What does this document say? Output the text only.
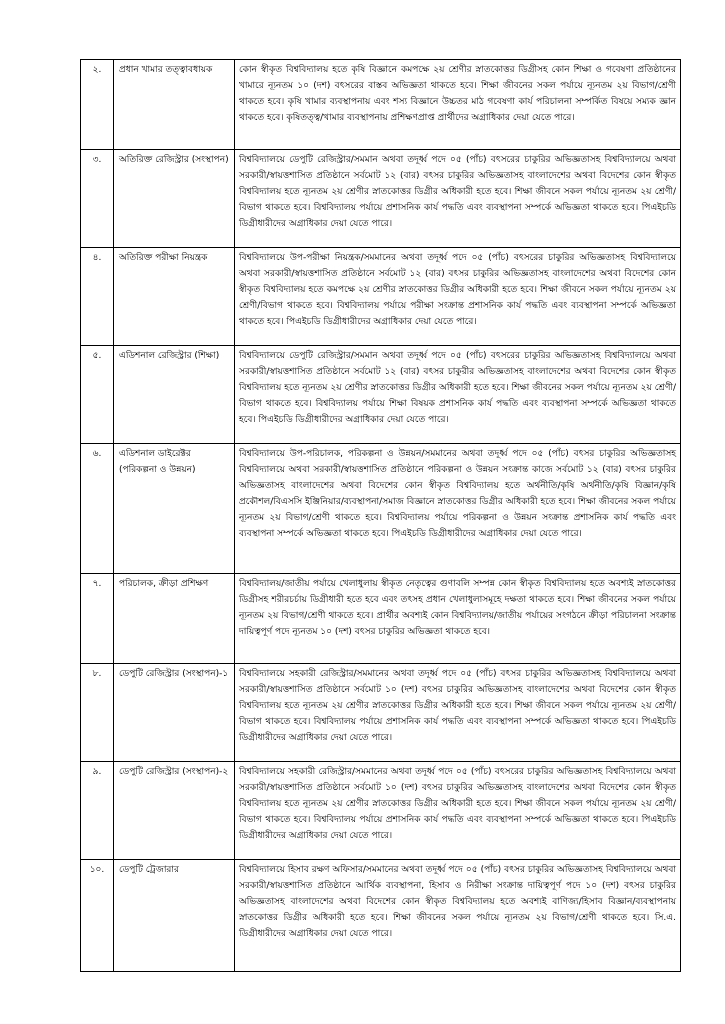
২.	প্রধান খামার তত্ত্বাবধায়ক	কোন স্বীকৃত বিশ্ববিদ্যালয় হতে কৃষি বিজ্ঞানে কমপক্ষে ২য় শ্রেণীর স্নাতকোত্তর ডিগ্রীসহ কোন শিক্ষা ও গবেষণা প্রতিষ্ঠানের খামারে ন্যূনতম ১০ (দশ) বৎসরের বাস্তব অভিজ্ঞতা থাকতে হবে। শিক্ষা জীবনের সকল পর্যায়ে ন্যূনতম ২য় বিভাগ/শ্রেণী থাকতে হবে। কৃষি খামার ব্যবস্থাপনায় এবং শস্য বিজ্ঞানে উচ্চতর মাঠ গবেষণা কার্য পরিচালনা সম্পর্কিত বিষয়ে সম্যক জ্ঞান থাকতে হবে। কৃষিতত্ত্ব/খামার ব্যবস্থাপনায় প্রশিক্ষণপ্রাপ্ত প্রার্থীদের অগ্রাধিকার দেয়া যেতে পারে।
৩.	অতিরিক্ত রেজিস্ট্রার (সংস্থাপন)	বিশ্ববিদ্যালয়ে ডেপুটি রেজিস্ট্রার/সমমান অথবা তদূর্ধ্ব পদে ০৫ (পাঁচ) বৎসরের চাকুরির অভিজ্ঞতাসহ বিশ্ববিদ্যালয়ে অথবা সরকারী/স্বায়ত্তশাসিত প্রতিষ্ঠানে সর্বমোট ১২ (বার) বৎসর চাকুরির অভিজ্ঞতাসহ বাংলাদেশের অথবা বিদেশের কোন স্বীকৃত বিশ্ববিদ্যালয় হতে ন্যূনতম ২য় শ্রেণীর স্নাতকোত্তর ডিগ্রীর অধিকারী হতে হবে। শিক্ষা জীবনে সকল পর্যায়ে ন্যূনতম ২য় শ্রেণী/বিভাগ থাকতে হবে। বিশ্ববিদ্যালয় পর্যায়ে প্রশাসনিক কার্য পদ্ধতি এবং ব্যবস্থাপনা সম্পর্কে অভিজ্ঞতা থাকতে হবে। পিএইচডি ডিগ্রীধারীদের অগ্রাধিকার দেয়া যেতে পারে।
৪.	অতিরিক্ত পরীক্ষা নিয়ন্ত্রক	বিশ্ববিদ্যালয়ে উপ-পরীক্ষা নিয়ন্ত্রক/সমমানের অথবা তদূর্ধ্ব পদে ০৫ (পাঁচ) বৎসরের চাকুরির অভিজ্ঞতাসহ বিশ্ববিদ্যালয়ে অথবা সরকারী/স্বায়ত্তশাসিত প্রতিষ্ঠানে সর্বমোট ১২ (বার) বৎসর চাকুরির অভিজ্ঞতাসহ বাংলাদেশের অথবা বিদেশের কোন স্বীকৃত বিশ্ববিদ্যালয় হতে কমপক্ষে ২য় শ্রেণীর স্নাতকোত্তর ডিগ্রীর অধিকারী হতে হবে। শিক্ষা জীবনে সকল পর্যায়ে ন্যূনতম ২য় শ্রেণী/বিভাগ থাকতে হবে। বিশ্ববিদ্যালয় পর্যায়ে পরীক্ষা সংক্রান্ত প্রশাসনিক কার্য পদ্ধতি এবং ব্যবস্থাপনা সম্পর্কে অভিজ্ঞতা থাকতে হবে। পিএইচডি ডিগ্রীধারীদের অগ্রাধিকার দেয়া যেতে পারে।
৫.	এডিশনাল রেজিস্ট্রার (শিক্ষা)	বিশ্ববিদ্যালয়ে ডেপুটি রেজিস্ট্রার/সমমান অথবা তদূর্ধ্ব পদে ০৫ (পাঁচ) বৎসরের চাকুরির অভিজ্ঞতাসহ বিশ্ববিদ্যালয়ে অথবা সরকারী/স্বায়ত্তশাসিত প্রতিষ্ঠানে সর্বমোট ১২ (বার) বৎসর চাকুরীর অভিজ্ঞতাসহ বাংলাদেশের অথবা বিদেশের কোন স্বীকৃত বিশ্ববিদ্যালয় হতে ন্যূনতম ২য় শ্রেণীর স্নাতকোত্তর ডিগ্রীর অধিকারী হতে হবে। শিক্ষা জীবনের সকল পর্যায়ে ন্যূনতম ২য় শ্রেণী/বিভাগ থাকতে হবে। বিশ্ববিদ্যালয় পর্যায়ে শিক্ষা বিষয়ক প্রশাসনিক কার্য পদ্ধতি এবং ব্যবস্থাপনা সম্পর্কে অভিজ্ঞতা থাকতে হবে। পিএইচডি ডিগ্রীধারীদের অগ্রাধিকার দেয়া যেতে পারে।
৬.	এডিশনাল ডাইরেক্টর (পরিকল্পনা ও উন্নয়ন)	বিশ্ববিদ্যালয়ে উপ-পরিচালক, পরিকল্পনা ও উন্নয়ন/সমমানের অথবা তদূর্ধ্ব পদে ০৫ (পাঁচ) বৎসর চাকুরির অভিজ্ঞতাসহ বিশ্ববিদ্যালয়ে অথবা সরকারী/স্বায়ত্তশাসিত প্রতিষ্ঠানে পরিকল্পনা ও উন্নয়ন সংক্রান্ত কাজে সর্বমোট ১২ (বার) বৎসর চাকুরির অভিজ্ঞতাসহ বাংলাদেশের অথবা বিদেশের কোন স্বীকৃত বিশ্ববিদ্যালয় হতে অর্থনীতি/কৃষি অর্থনীতি/কৃষি বিজ্ঞান/কৃষি প্রকৌশল/বিএসসি ইঞ্জিনিয়ার/ব্যবস্থাপনা/সমাজ বিজ্ঞানে স্নাতকোত্তর ডিগ্রীর অধিকারী হতে হবে। শিক্ষা জীবনের সকল পর্যায়ে ন্যূনতম ২য় বিভাগ/শ্রেণী থাকতে হবে। বিশ্ববিদ্যালয় পর্যায়ে পরিকল্পনা ও উন্নয়ন সংক্রান্ত প্রশাসনিক কার্য পদ্ধতি এবং ব্যবস্থাপনা সম্পর্কে অভিজ্ঞতা থাকতে হবে। পিএইচডি ডিগ্রীধারীদের অগ্রাধিকার দেয়া যেতে পারে।
৭.	পরিচালক, ক্রীড়া প্রশিক্ষণ	বিশ্ববিদ্যালয়/জাতীয় পর্যায়ে খেলাধুলায় স্বীকৃত নেতৃত্বের গুণাবলি সম্পন্ন কোন স্বীকৃত বিশ্ববিদ্যালয় হতে অবশ্যই স্নাতকোত্তর ডিগ্রীসহ শরীরচর্চায় ডিগ্রীধারী হতে হবে এবং তৎসহ প্রধান খেলাধুলাসমূহে দক্ষতা থাকতে হবে। শিক্ষা জীবনের সকল পর্যায়ে ন্যূনতম ২য় বিভাগ/শ্রেণী থাকতে হবে। প্রার্থীর অবশ্যই কোন বিশ্ববিদ্যালয়/জাতীয় পর্যায়ের সংগঠনে ক্রীড়া পরিচালনা সংক্রান্ত দায়িত্বপূর্ণ পদে ন্যূনতম ১০ (দশ) বৎসর চাকুরির অভিজ্ঞতা থাকতে হবে।
৮.	ডেপুটি রেজিস্ট্রার (সংস্থাপন)-১	বিশ্ববিদ্যালয়ে সহকারী রেজিস্ট্রার/সমমানের অথবা তদূর্ধ্ব পদে ০৫ (পাঁচ) বৎসর চাকুরির অভিজ্ঞতাসহ বিশ্ববিদ্যালয়ে অথবা সরকারী/স্বায়ত্তশাসিত প্রতিষ্ঠানে সর্বমোট ১০ (দশ) বৎসর চাকুরির অভিজ্ঞতাসহ বাংলাদেশের অথবা বিদেশের কোন স্বীকৃত বিশ্ববিদ্যালয় হতে ন্যূনতম ২য় শ্রেণীর স্নাতকোত্তর ডিগ্রীর অধিকারী হতে হবে। শিক্ষা জীবনে সকল পর্যায়ে ন্যূনতম ২য় শ্রেণী/বিভাগ থাকতে হবে। বিশ্ববিদ্যালয় পর্যায়ে প্রশাসনিক কার্য পদ্ধতি এবং ব্যবস্থাপনা সম্পর্কে অভিজ্ঞতা থাকতে হবে। পিএইচডি ডিগ্রীধারীদের অগ্রাধিকার দেয়া যেতে পারে।
৯.	ডেপুটি রেজিস্ট্রার (সংস্থাপন)-২	বিশ্ববিদ্যালয়ে সহকারী রেজিস্ট্রার/সমমানের অথবা তদূর্ধ্ব পদে ০৫ (পাঁচ) বৎসরের চাকুরির অভিজ্ঞতাসহ বিশ্ববিদ্যালয়ে অথবা সরকারী/স্বায়ত্তশাসিত প্রতিষ্ঠানে সর্বমোট ১০ (দশ) বৎসর চাকুরির অভিজ্ঞতাসহ বাংলাদেশের অথবা বিদেশের কোন স্বীকৃত বিশ্ববিদ্যালয় হতে ন্যূনতম ২য় শ্রেণীর স্নাতকোত্তর ডিগ্রীর অধিকারী হতে হবে। শিক্ষা জীবনে সকল পর্যায়ে ন্যূনতম ২য় শ্রেণী/বিভাগ থাকতে হবে। বিশ্ববিদ্যালয় পর্যায়ে প্রশাসনিক কার্য পদ্ধতি এবং ব্যবস্থাপনা সম্পর্কে অভিজ্ঞতা থাকতে হবে। পিএইচডি ডিগ্রীধারীদের অগ্রাধিকার দেয়া যেতে পারে।
১০.	ডেপুটি ট্রেজারার	বিশ্ববিদ্যালয়ে হিসাব রক্ষণ অফিসার/সমমানের অথবা তদূর্ধ্ব পদে ০৫ (পাঁচ) বৎসর চাকুরির অভিজ্ঞতাসহ বিশ্ববিদ্যালয়ে অথবা সরকারী/স্বায়ত্তশাসিত প্রতিষ্ঠানে আর্থিক ব্যবস্থাপনা, হিসাব ও নিরীক্ষা সংক্রান্ত দায়িত্বপূর্ণ পদে ১০ (দশ) বৎসর চাকুরির অভিজ্ঞতাসহ বাংলাদেশের অথবা বিদেশের কোন স্বীকৃত বিশ্ববিদ্যালয় হতে অবশ্যই বাণিজ্য/হিসাব বিজ্ঞান/ব্যবস্থাপনায় স্নাতকোত্তর ডিগ্রীর অধিকারী হতে হবে। শিক্ষা জীবনের সকল পর্যায়ে ন্যূনতম ২য় বিভাগ/শ্রেণী থাকতে হবে। সি.এ. ডিগ্রীধারীদের অগ্রাধিকার দেয়া যেতে পারে।
